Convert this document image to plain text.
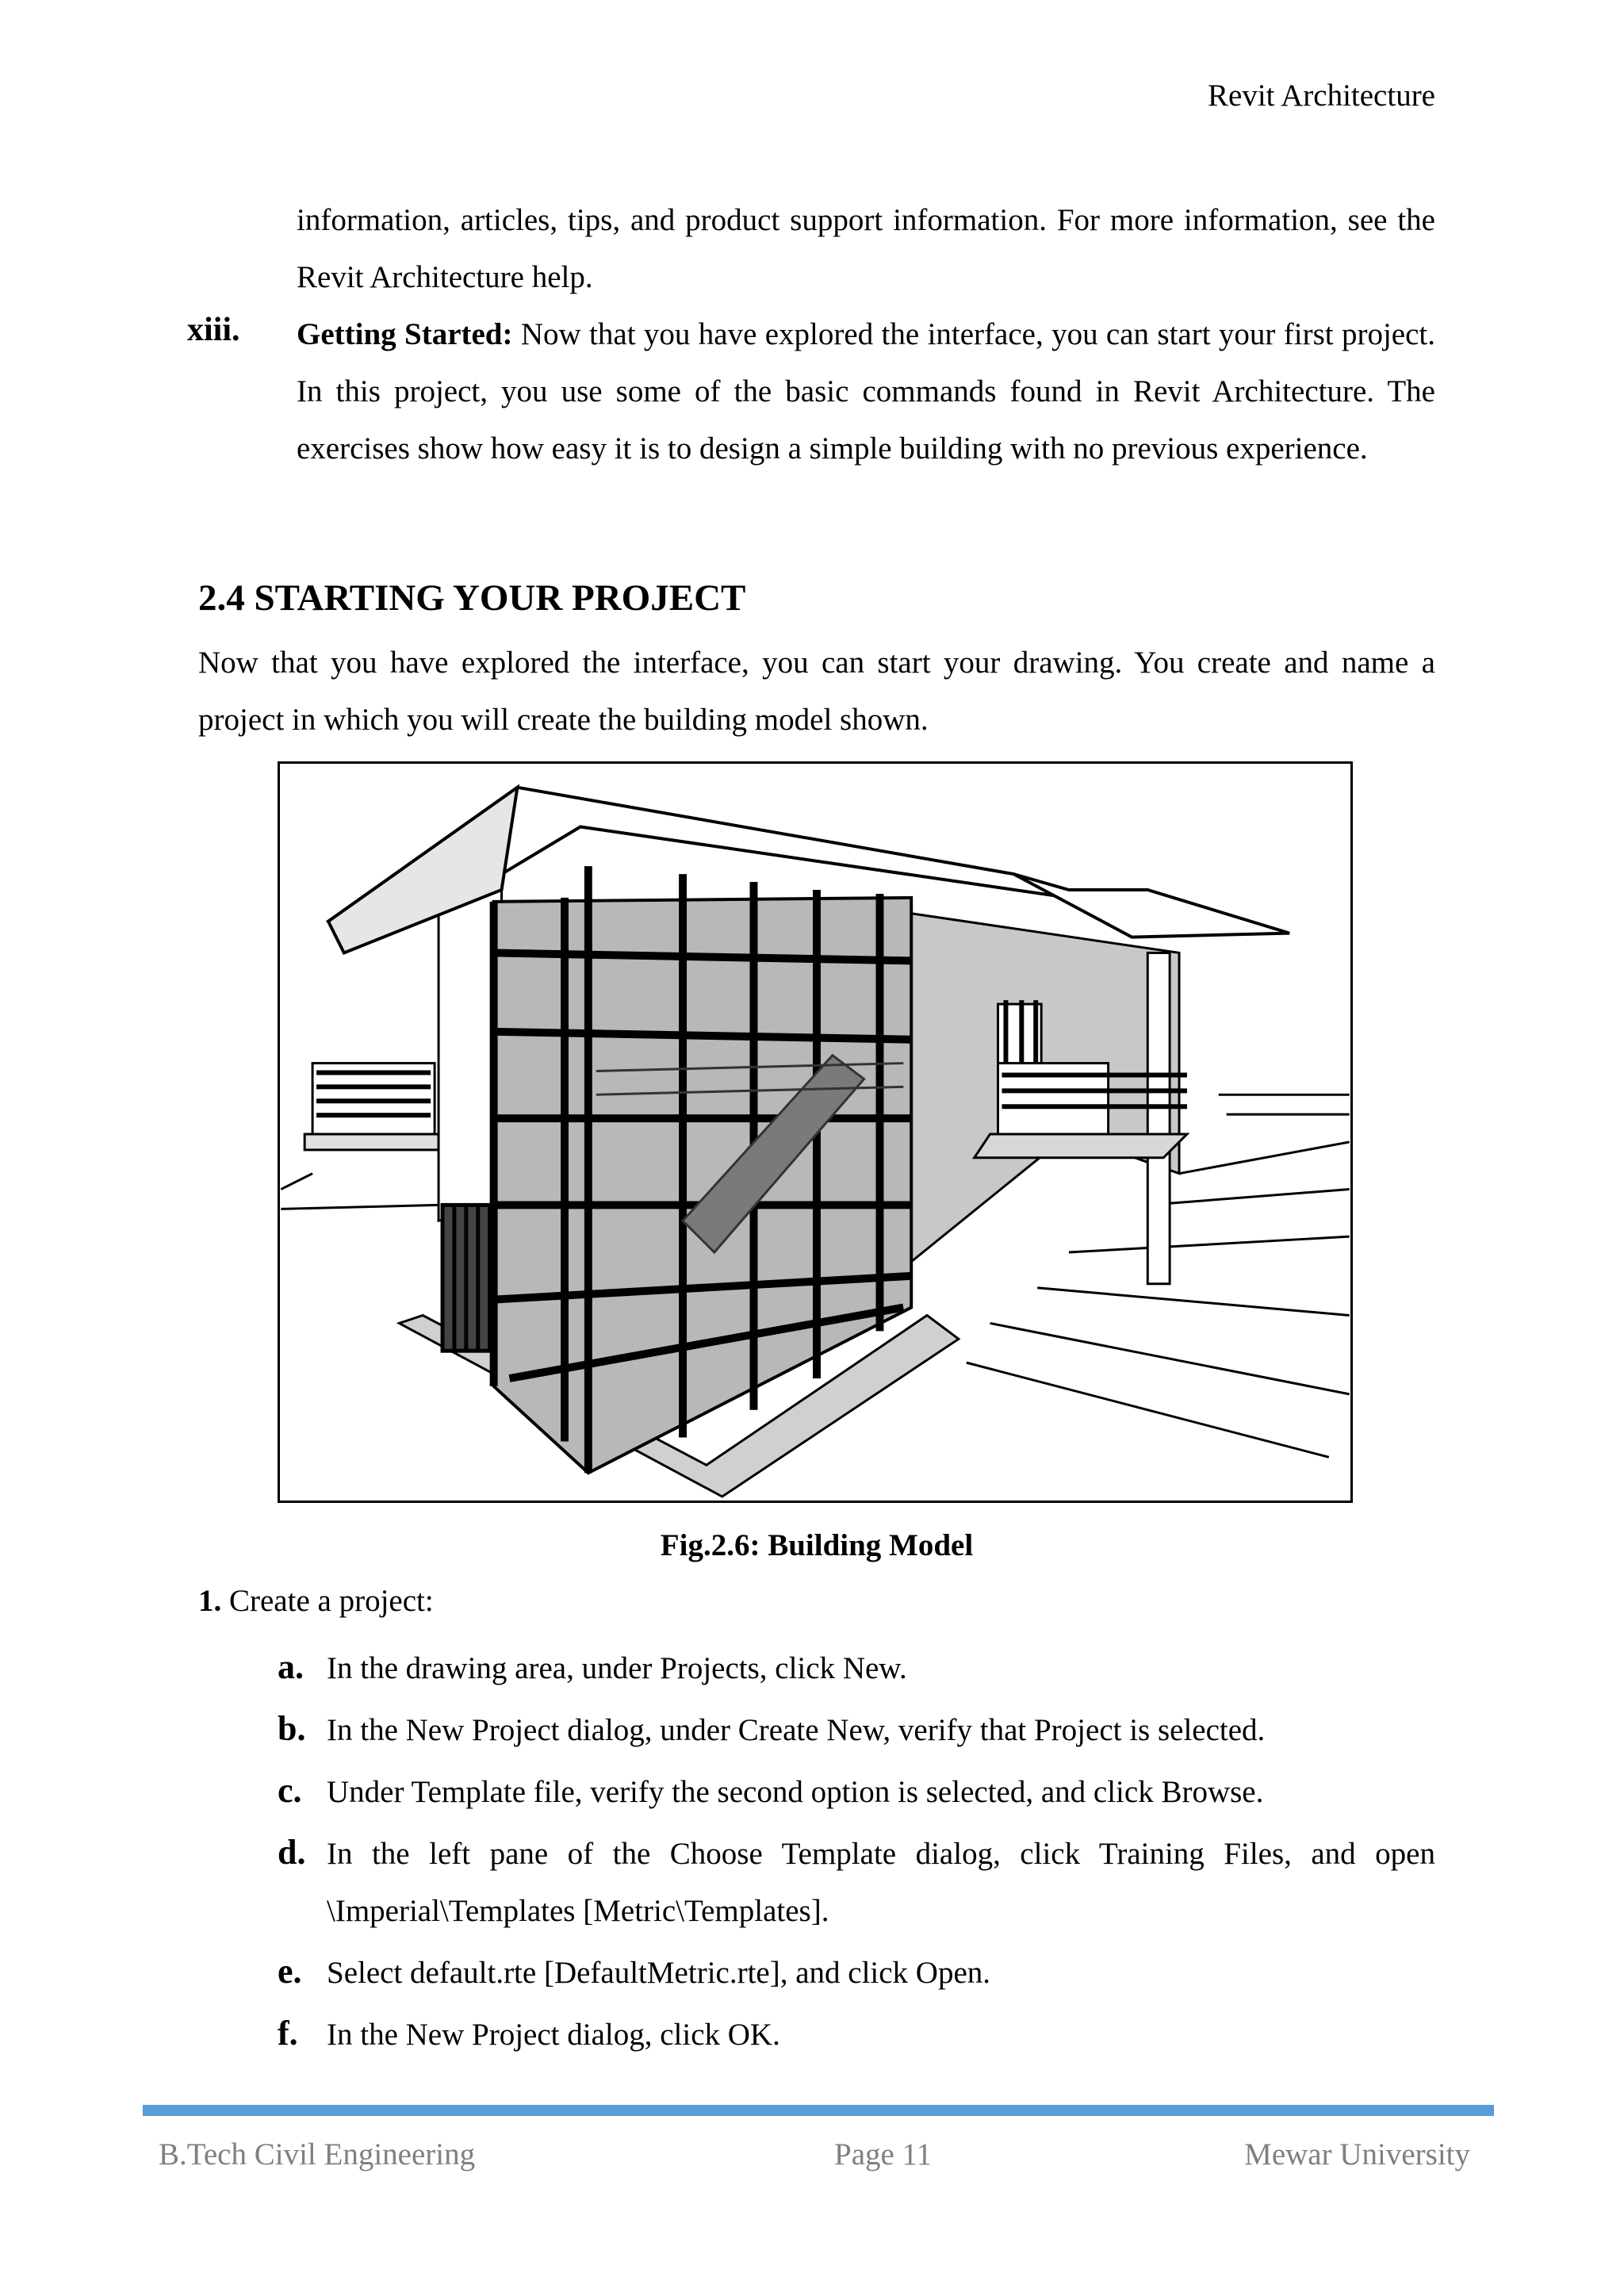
Revit Architecture
information, articles, tips, and product support information. For more information, see the Revit Architecture help.
xiii. Getting Started: Now that you have explored the interface, you can start your first project. In this project, you use some of the basic commands found in Revit Architecture. The exercises show how easy it is to design a simple building with no previous experience.
2.4 STARTING YOUR PROJECT
Now that you have explored the interface, you can start your drawing. You create and name a project in which you will create the building model shown.
Fig.2.6: Building Model
1. Create a project:
a. In the drawing area, under Projects, click New.
b. In the New Project dialog, under Create New, verify that Project is selected.
c. Under Template file, verify the second option is selected, and click Browse.
d. In the left pane of the Choose Template dialog, click Training Files, and open \Imperial\Templates [Metric\Templates].
e. Select default.rte [DefaultMetric.rte], and click Open.
f. In the New Project dialog, click OK.
B.Tech Civil Engineering	Page 11	Mewar University
